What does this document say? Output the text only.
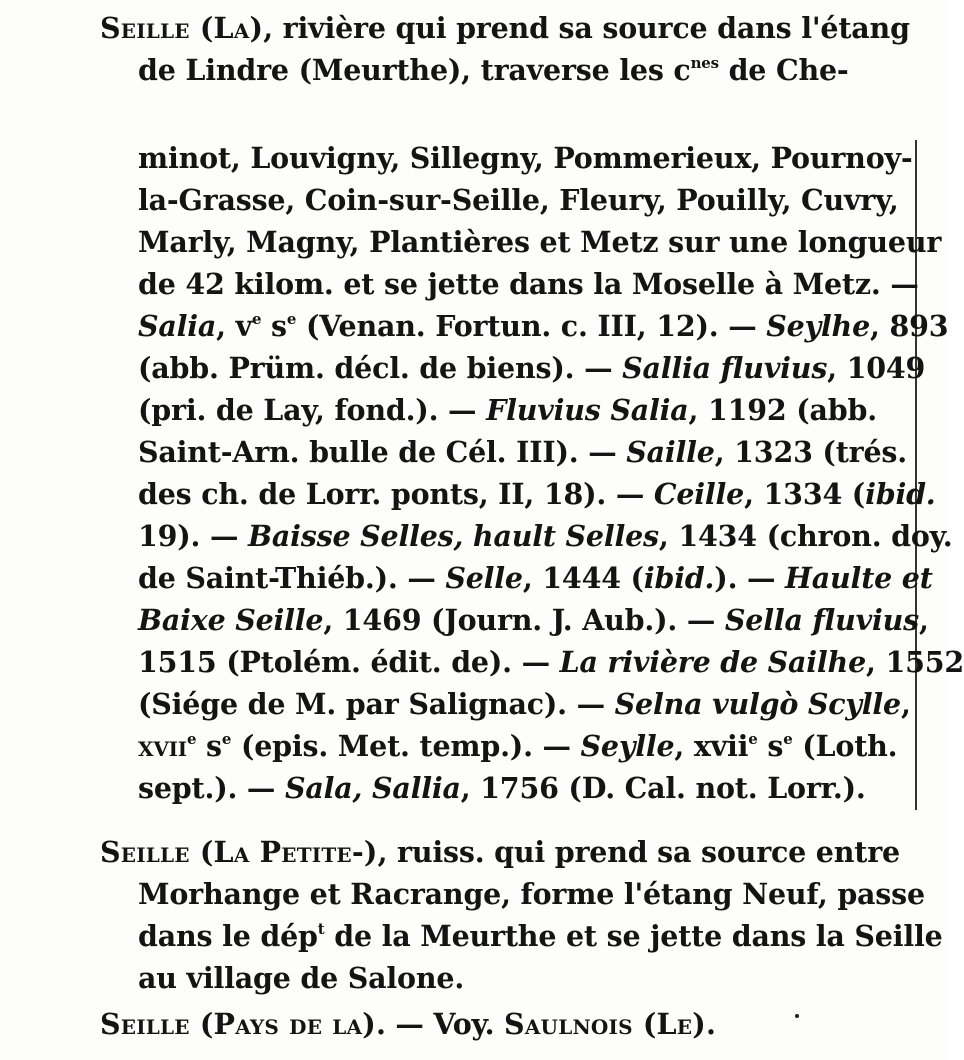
Seille (La), rivière qui prend sa source dans l'étang
de Lindre (Meurthe), traverse les $c^{nes}$ de Che-
minot, Louvigny, Sillegny, Pommerieux, Pournoy-
la-Grasse, Coin-sur-Seille, Fleury, Pouilly, Cuvry,
Marly, Magny, Plantières et Metz sur une longueur
de 42 kilom. et se jette dans la Moselle à Metz. —
Salia, $v^e$ $s^e$ (Venan. Fortun. c. III, 12). — Seylhe, 893
(abb. Prüm. décl. de biens). — Sallia fluvius, 1049
(pri. de Lay, fond.). — Fluvius Salia, 1192 (abb.
Saint-Arn. bulle de Cél. III). — Saille, 1323 (trés.
des ch. de Lorr. ponts, II, 18). — Ceille, 1334 (ibid.
19). — Baisse Selles, hault Selles, 1434 (chron. doy.
de Saint-Thiéb.). — Selle, 1444 (ibid.). — Haulte et
Baixe Seille, 1469 (Journ. J. Aub.). — Sella fluvius,
1515 (Ptolém. édit. de). — La rivière de Sailhe, 1552
(Siége de M. par Salignac). — Selna vulgò Scylle,
xvii$^e$ $s^e$ (epis. Met. temp.). — Seylle, xvii$^e$ $s^e$ (Loth.
sept.). — Sala, Sallia, 1756 (D. Cal. not. Lorr.).
Seille (La Petite-), ruiss. qui prend sa source entre
Morhange et Racrange, forme l'étang Neuf, passe
dans le dép$^t$ de la Meurthe et se jette dans la Seille
au village de Salone.
Seille (Pays de la). — Voy. Saulnois (Le).
